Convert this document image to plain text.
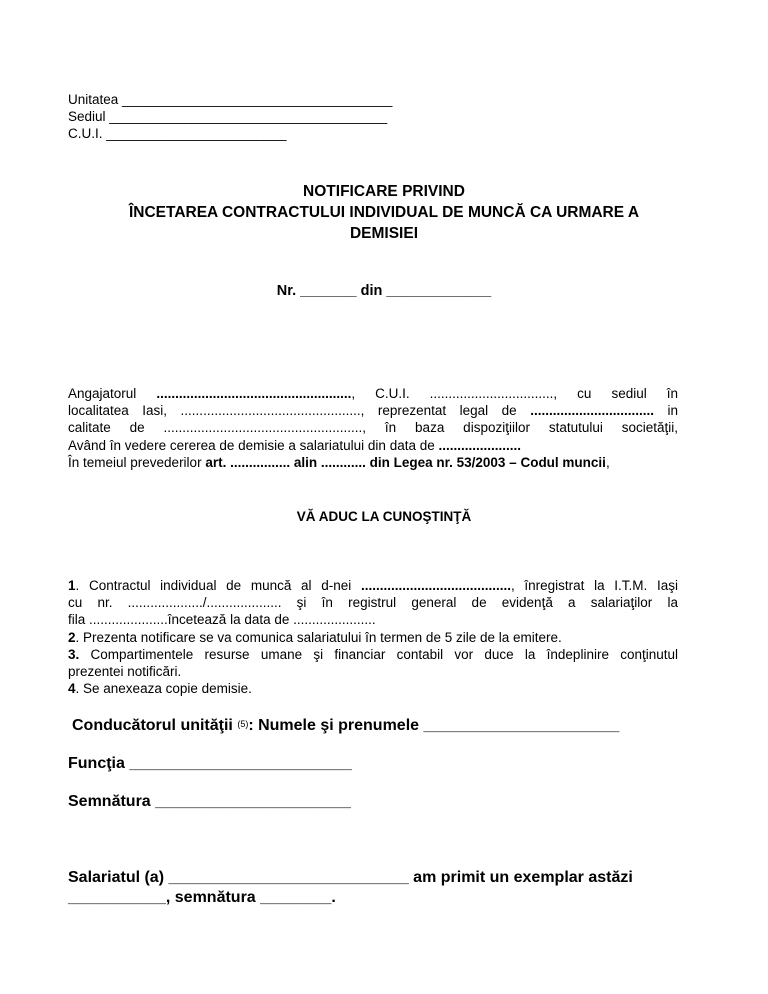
Unitatea ____________________________________
Sediul _____________________________________
C.U.I. ________________________
NOTIFICARE PRIVIND
ÎNCETAREA CONTRACTULUI INDIVIDUAL DE MUNCĂ CA URMARE A
DEMISIEI
Nr. _______ din _____________
Angajatorul ...................................................., C.U.I. ................................., cu sediul în
localitatea Iasi, ................................................, reprezentat legal de ................................. in
calitate de ....................................................., în baza dispoziţiilor statutului societăţii,
Având în vedere cererea de demisie a salariatului din data de ......................
În temeiul prevederilor art. ................ alin ............ din Legea nr. 53/2003 – Codul muncii,
VĂ ADUC LA CUNOŞTINŢĂ
1. Contractul individual de muncă al d-nei ........................................, înregistrat la I.T.M. Iaşi
cu nr. ..................../.................... şi în registrul general de evidenţă a salariaţilor la
fila .....................încetează la data de ......................
2. Prezenta notificare se va comunica salariatului în termen de 5 zile de la emitere.
3. Compartimentele resurse umane şi financiar contabil vor duce la îndeplinire conţinutul
prezentei notificări.
4. Se anexeaza copie demisie.
Conducătorul unităţii $^{(5)}$: Numele şi prenumele ______________________
Funcţia _________________________
Semnătura ______________________
Salariatul (a) ___________________________ am primit un exemplar astăzi
___________, semnătura ________.
